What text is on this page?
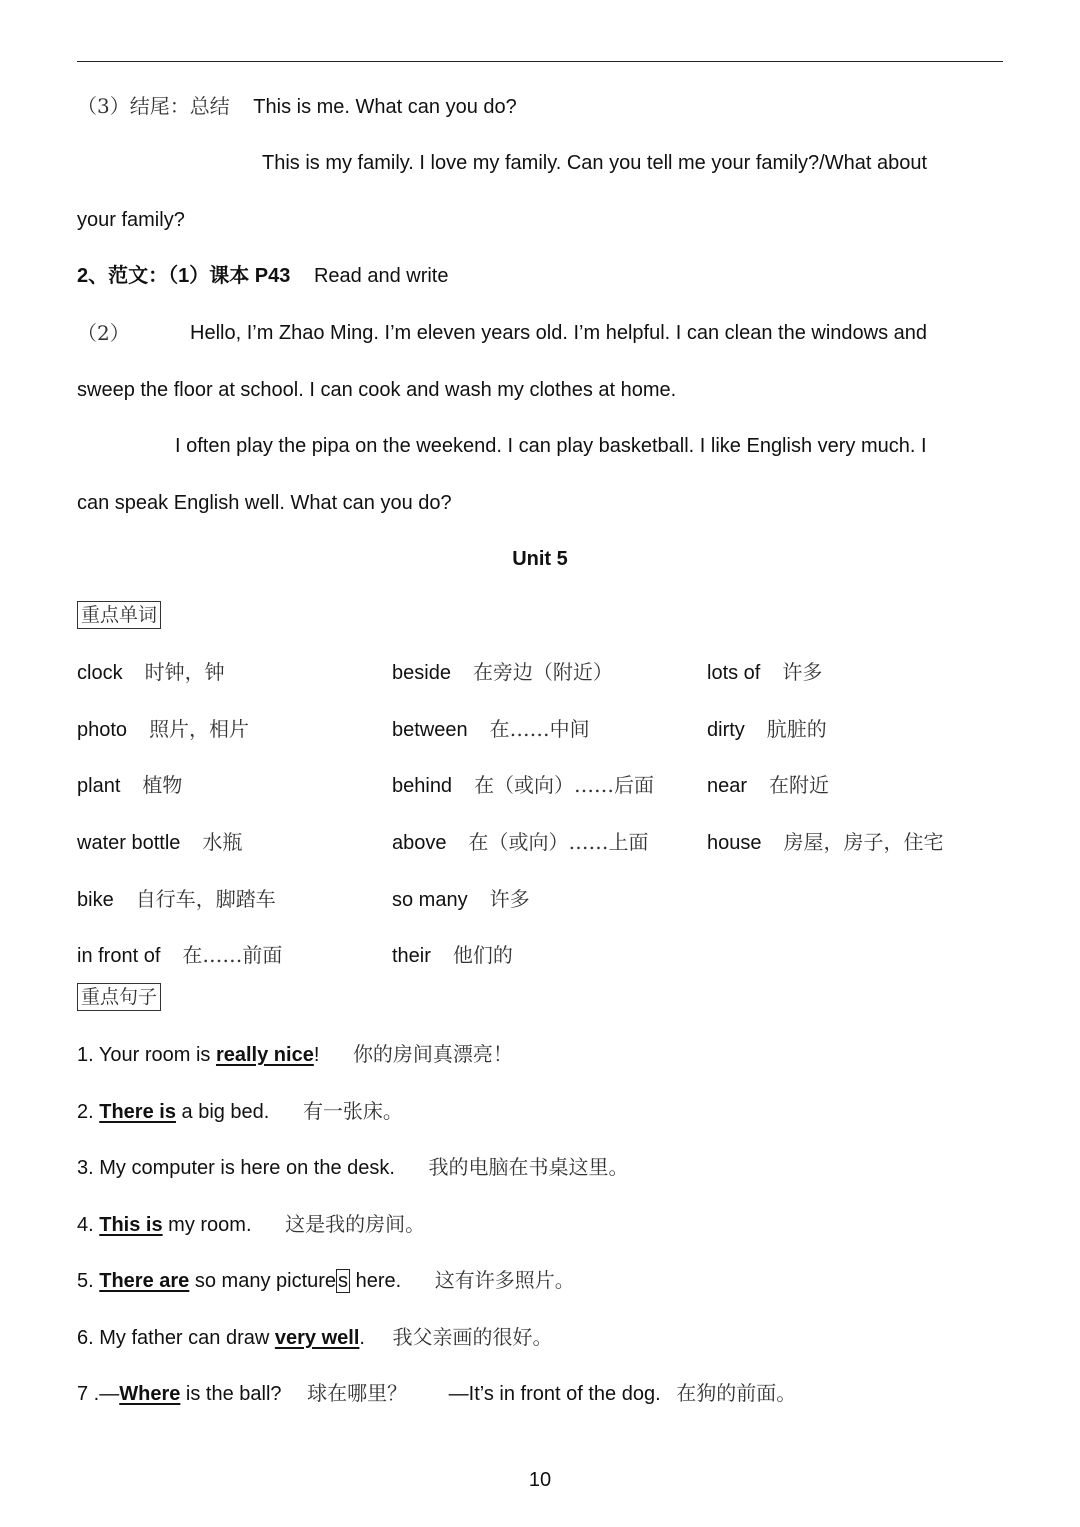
（3）结尾：总结 This is me. What can you do?
This is my family. I love my family. Can you tell me your family?/What about
your family?
2、范文：（1）课本 P43 Read and write
（2）	Hello, I’m Zhao Ming. I’m eleven years old. I’m helpful. I can clean the windows and
sweep the floor at school. I can cook and wash my clothes at home.
I often play the pipa on the weekend. I can play basketball. I like English very much. I
can speak English well. What can you do?
Unit 5
重点单词
clock 时钟，钟	beside 在旁边（附近）	lots of 许多
photo 照片，相片	between 在……中间	dirty 肮脏的
plant 植物	behind 在（或向）……后面	near 在附近
water bottle 水瓶	above 在（或向）……上面	house 房屋，房子，住宅
bike 自行车，脚踏车	so many 许多
in front of 在……前面	their 他们的
重点句子
1. Your room is really nice! 你的房间真漂亮！
2. There is a big bed. 有一张床。
3. My computer is here on the desk. 我的电脑在书桌这里。
4. This is my room. 这是我的房间。
5. There are so many picture s here. 这有许多照片。
6. My father can draw very well. 我父亲画的很好。
7 .—Where is the ball? 球在哪里？ —It’s in front of the dog. 在狗的前面。
10
